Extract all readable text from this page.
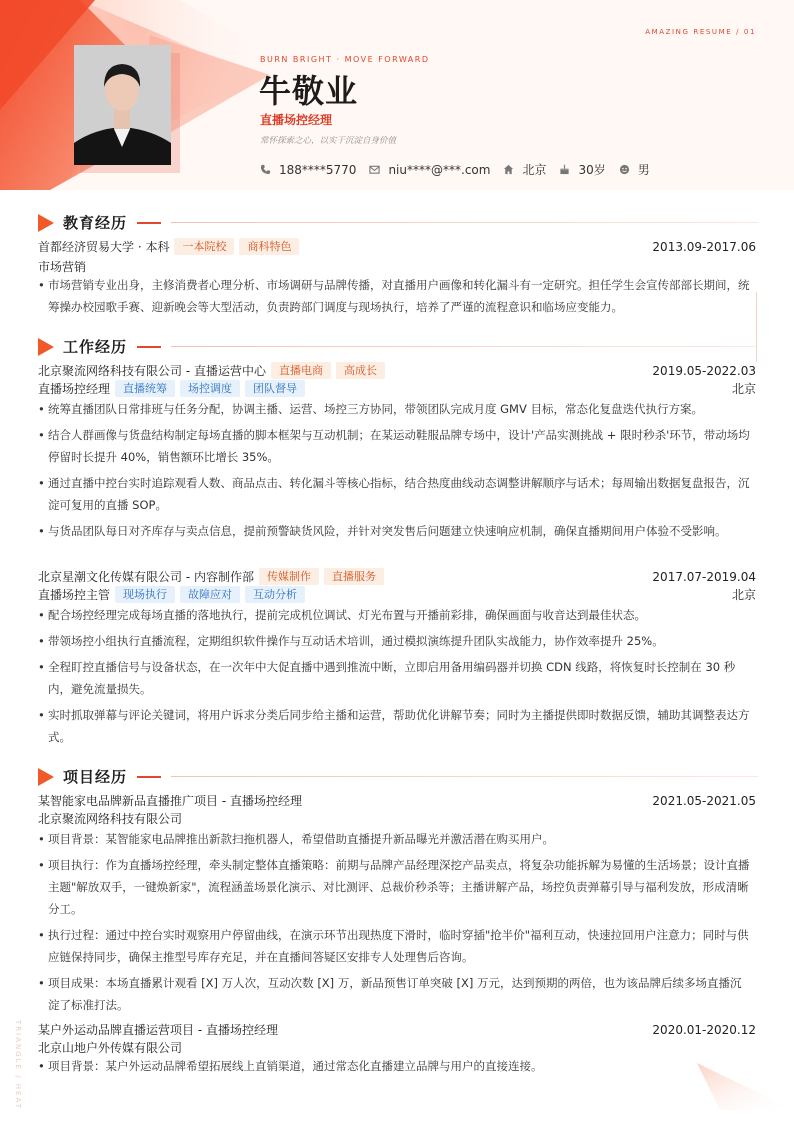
AMAZING RESUME / 01
TRIANGLE / HEAT
BURN BRIGHT · MOVE FORWARD
牛敬业
直播场控经理
常怀探索之心，以实干沉淀自身价值
188****5770	niu****@***.com	北京	30岁	男
教育经历
首都经济贸易大学 · 本科	一本院校	商科特色	2013.09-2017.06
市场营销
• 市场营销专业出身，主修消费者心理分析、市场调研与品牌传播，对直播用户画像和转化漏斗有一定研究。担任学生会宣传部部长期间，统筹操办校园歌手赛、迎新晚会等大型活动，负责跨部门调度与现场执行，培养了严谨的流程意识和临场应变能力。
工作经历
北京聚流网络科技有限公司 - 直播运营中心	直播电商	高成长	2019.05-2022.03
直播场控经理	直播统筹	场控调度	团队督导	北京
• 统筹直播团队日常排班与任务分配，协调主播、运营、场控三方协同，带领团队完成月度 GMV 目标，常态化复盘迭代执行方案。
• 结合人群画像与货盘结构制定每场直播的脚本框架与互动机制；在某运动鞋服品牌专场中，设计'产品实测挑战 + 限时秒杀'环节，带动场均停留时长提升 40%，销售额环比增长 35%。
• 通过直播中控台实时追踪观看人数、商品点击、转化漏斗等核心指标，结合热度曲线动态调整讲解顺序与话术；每周输出数据复盘报告，沉淀可复用的直播 SOP。
• 与货品团队每日对齐库存与卖点信息，提前预警缺货风险，并针对突发售后问题建立快速响应机制，确保直播期间用户体验不受影响。
北京星潮文化传媒有限公司 - 内容制作部	传媒制作	直播服务	2017.07-2019.04
直播场控主管	现场执行	故障应对	互动分析	北京
• 配合场控经理完成每场直播的落地执行，提前完成机位调试、灯光布置与开播前彩排，确保画面与收音达到最佳状态。
• 带领场控小组执行直播流程，定期组织软件操作与互动话术培训，通过模拟演练提升团队实战能力，协作效率提升 25%。
• 全程盯控直播信号与设备状态，在一次年中大促直播中遇到推流中断，立即启用备用编码器并切换 CDN 线路，将恢复时长控制在 30 秒内，避免流量损失。
• 实时抓取弹幕与评论关键词，将用户诉求分类后同步给主播和运营，帮助优化讲解节奏；同时为主播提供即时数据反馈，辅助其调整表达方式。
项目经历
某智能家电品牌新品直播推广项目 - 直播场控经理	2021.05-2021.05
北京聚流网络科技有限公司
• 项目背景：某智能家电品牌推出新款扫拖机器人，希望借助直播提升新品曝光并激活潜在购买用户。
• 项目执行：作为直播场控经理，牵头制定整体直播策略：前期与品牌产品经理深挖产品卖点，将复杂功能拆解为易懂的生活场景；设计直播主题"解放双手，一键焕新家"，流程涵盖场景化演示、对比测评、总裁价秒杀等；主播讲解产品，场控负责弹幕引导与福利发放，形成清晰分工。
• 执行过程：通过中控台实时观察用户停留曲线，在演示环节出现热度下滑时，临时穿插"抢半价"福利互动，快速拉回用户注意力；同时与供应链保持同步，确保主推型号库存充足，并在直播间答疑区安排专人处理售后咨询。
• 项目成果：本场直播累计观看 [X] 万人次，互动次数 [X] 万，新品预售订单突破 [X] 万元，达到预期的两倍，也为该品牌后续多场直播沉淀了标准打法。
某户外运动品牌直播运营项目 - 直播场控经理	2020.01-2020.12
北京山地户外传媒有限公司
• 项目背景：某户外运动品牌希望拓展线上直销渠道，通过常态化直播建立品牌与用户的直接连接。
